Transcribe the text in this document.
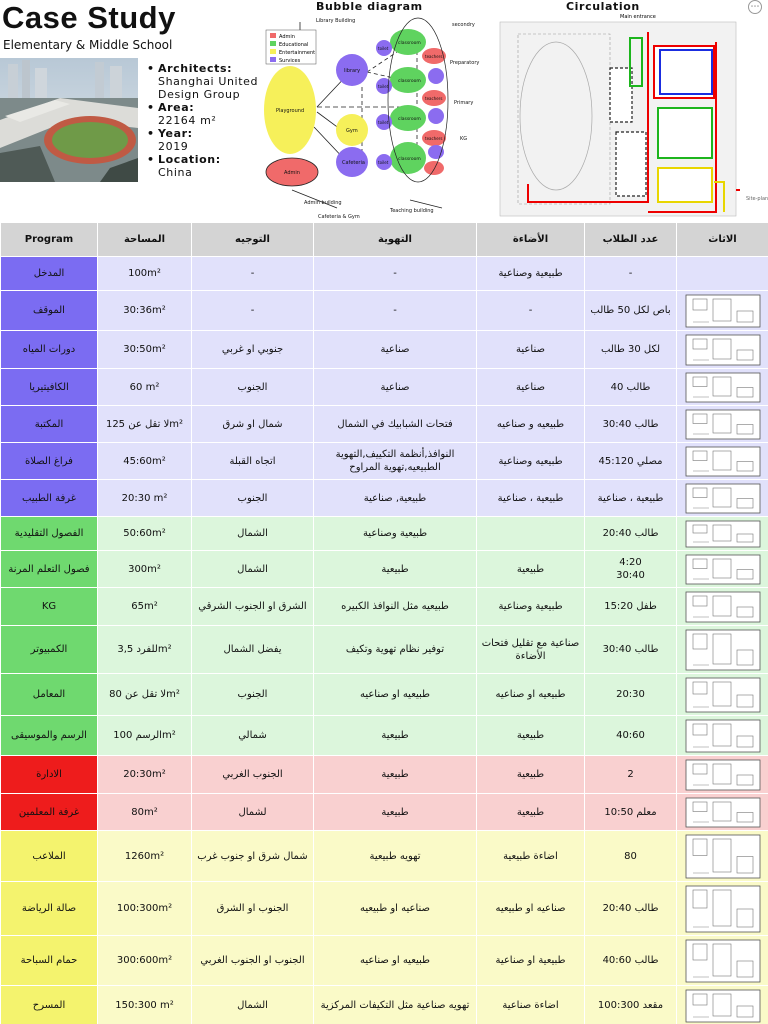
Case Study
Elementary & Middle School
• Architects:
Shanghai United Design Group
• Area:
22164 m²
• Year:
2019
• Location:
China
Bubble diagram
Admin
Educational
Entertainment
Survices
Library Building
secondry
Preparatory
Primary
KG
Playground
library
Gym
Cafeteria
Admin
Admin building
Cafeteria & Gym
Teaching building
classroom
classroom
classroom
classroom
teachers
teachers
teachers
toilet
toilet
toilet
toilet
Circulation	⋯
Main entrance
Site-plan
Program	المساحة	التوجيه	التهوية	الأضاءة	عدد الطلاب	الاثاث
المدخل	100m²	-	-	طبيعية وصناعية	-	
الموقف	30:36m²	-	-	-	باص لكل 50 طالب	

دورات المياه	30:50m²	جنوبي او غربي	صناعية	صناعية	لكل 30 طالب	

الكافيتيريا	60 m²	الجنوب	صناعية	صناعية	40 طالب	

المكتبة	لا تقل عن 125m²	شمال او شرق	فتحات الشبابيك في الشمال	طبيعيه و صناعيه	30:40 طالب	

فراغ الصلاة	45:60m²	اتجاه القبلة	النوافذ,أنظمة التكييف,التهوية الطبيعيه,تهوية المراوح	طبيعيه وصناعية	45:120 مصلي	

غرفة الطبيب	20:30 m²	الجنوب	طبيعية, صناعية	طبيعية ، صناعية	طبيعية ، صناعية	

الفصول التقليدية	50:60m²	الشمال	طبيعية وصناعية		20:40 طالب	

فصول التعلم المرنة	300m²	الشمال	طبيعية	طبيعية	4:20
30:40	

KG	65m²	الشرق او الجنوب الشرقي	طبيعيه مثل النوافذ الكبيره	طبيعية وصناعية	15:20 طفل	

الكمبيوتر	للفرد 3,5m²	يفضل الشمال	توفير نظام تهوية وتكيف	صناعية مع تقليل فتحات الأضاءة	30:40 طالب	

المعامل	لا تقل عن 80m²	الجنوب	طبيعيه او صناعيه	طبيعيه او صناعيه	20:30	

الرسم والموسيقى	الرسم 100m²	شمالي	طبيعية	طبيعية	40:60	

الادارة	20:30m²	الجنوب الغربي	طبيعية	طبيعية	2	

غرفة المعلمين	80m²	لشمال	طبيعية	طبيعية	10:50 معلم	

الملاعب	1260m²	شمال شرق او جنوب غرب	تهويه طبيعية	اضاءة طبيعية	80	

صالة الرياضة	100:300m²	الجنوب او الشرق	صناعيه او طبيعيه	صناعيه او طبيعيه	20:40 طالب	

حمام السباحة	300:600m²	الجنوب او الجنوب الغربي	طبيعيه او صناعيه	طبيعية او صناعية	40:60 طالب	

المسرح	150:300 m²	الشمال	تهويه صناعية مثل التكيفات المركزية	اضاءة صناعية	100:300 مقعد	
